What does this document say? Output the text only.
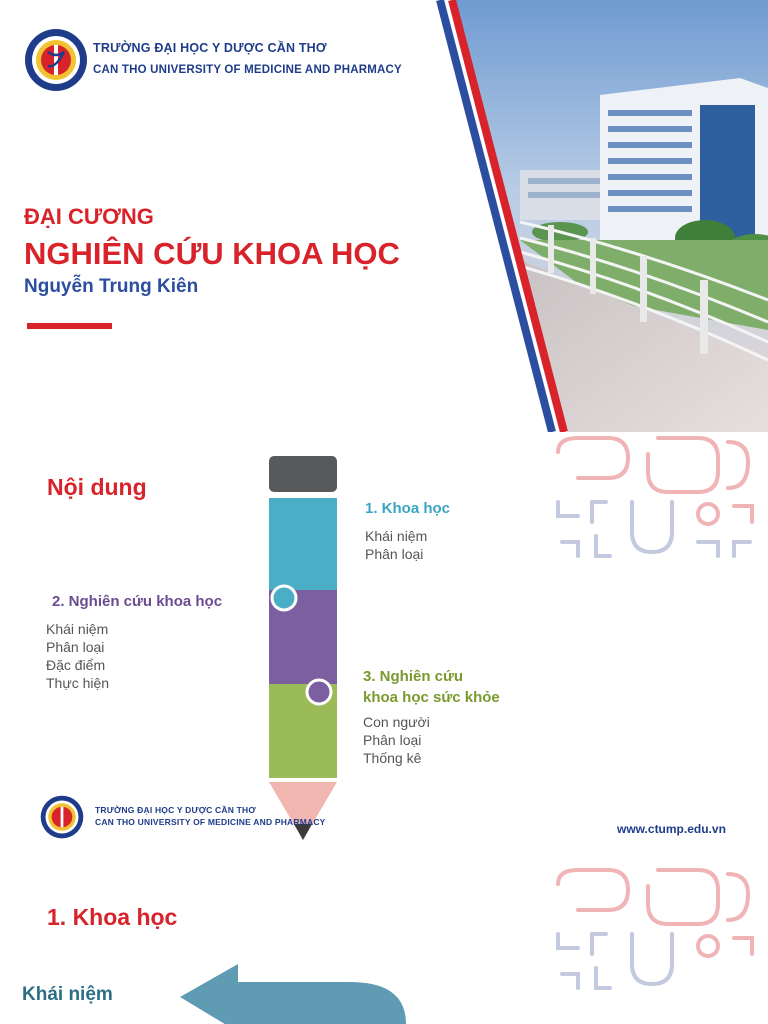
TRƯỜNG ĐẠI HỌC Y DƯỢC CẦN THƠ
CAN THO UNIVERSITY OF MEDICINE AND PHARMACY
ĐẠI CƯƠNG
NGHIÊN CỨU KHOA HỌC
Nguyễn Trung Kiên
Nội dung
1. Khoa học
Khái niệm
Phân loại
2. Nghiên cứu khoa học
Khái niệm
Phân loại
Đặc điểm
Thực hiện	3. Nghiên cứu
khoa học sức khỏe
Con người
Phân loại
Thống kê
TRƯỜNG ĐẠI HỌC Y DƯỢC CẦN THƠ
CAN THO UNIVERSITY OF MEDICINE AND PHARMACY	www.ctump.edu.vn
1. Khoa học
Khái niệm
